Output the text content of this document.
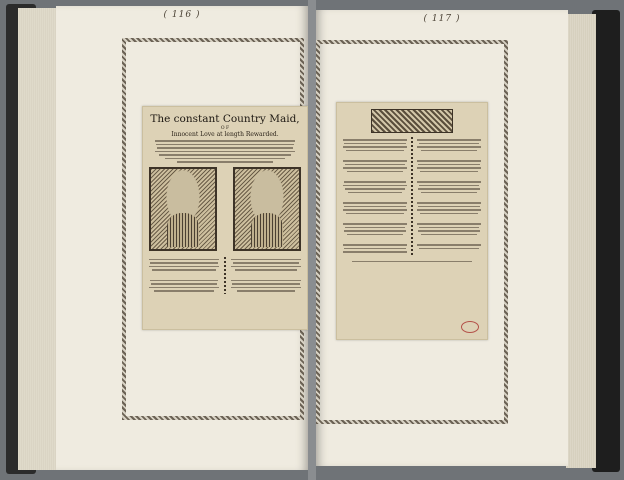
( 116 )
The constant Country Maid,
O F
Innocent Love at length Rewarded.
( 117 )
